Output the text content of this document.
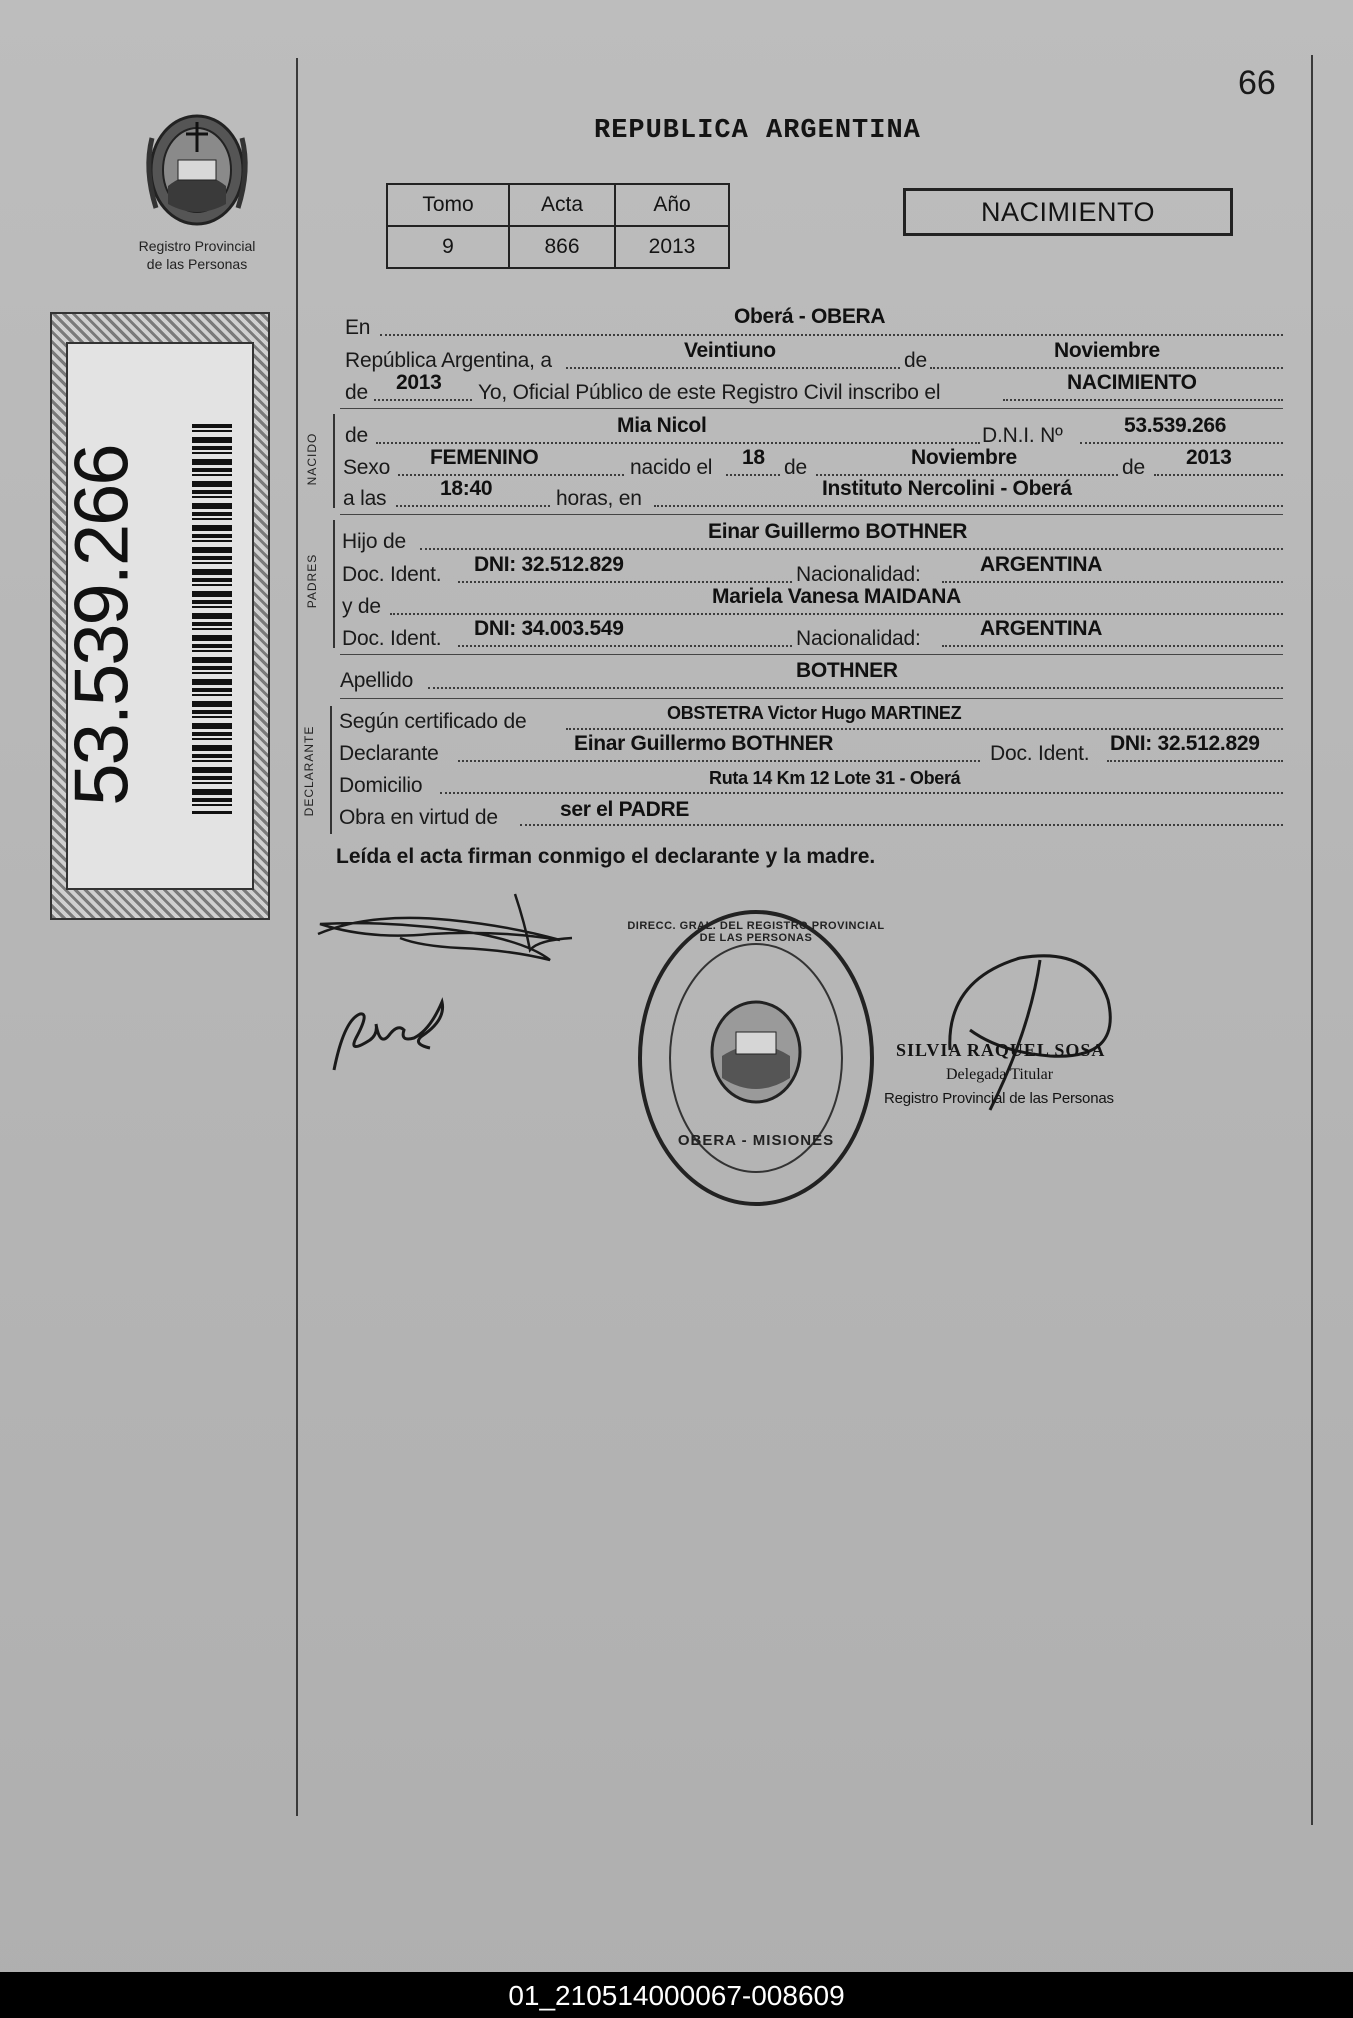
66
REPUBLICA ARGENTINA
Registro Provincial
de las Personas
53.539.266
Tomo	Acta	Año
9	866	2013
NACIMIENTO
En	Oberá - OBERA
República Argentina, a	Veintiuno	de	Noviembre
de 2013 Yo, Oficial Público de este Registro Civil inscribo el	NACIMIENTO
NACIDO de	Mia Nicol	D.N.I. Nº	53.539.266
Sexo FEMENINO	nacido el 18 de	Noviembre	de 2013
a las	18:40	horas, en	Instituto Nercolini - Oberá
PADRES
Hijo de	Einar Guillermo BOTHNER
Doc. Ident. DNI: 32.512.829	Nacionalidad:	ARGENTINA
y de	Mariela Vanesa MAIDANA
Doc. Ident. DNI: 34.003.549	Nacionalidad:	ARGENTINA
Apellido	BOTHNER
DECLARANTE
Según certificado de	OBSTETRA Victor Hugo MARTINEZ
Declarante	Einar Guillermo BOTHNER	Doc. Ident. DNI: 32.512.829
Domicilio	Ruta 14 Km 12 Lote 31 - Oberá
Obra en virtud de	ser el PADRE
Leída el acta firman conmigo el declarante y la madre.
DIRECC. GRAL. DEL REGISTRO PROVINCIAL DE LAS PERSONAS
OBERA - MISIONES
SILVIA RAQUEL SOSA
Delegada Titular
Registro Provincial de las Personas
01_210514000067-008609
